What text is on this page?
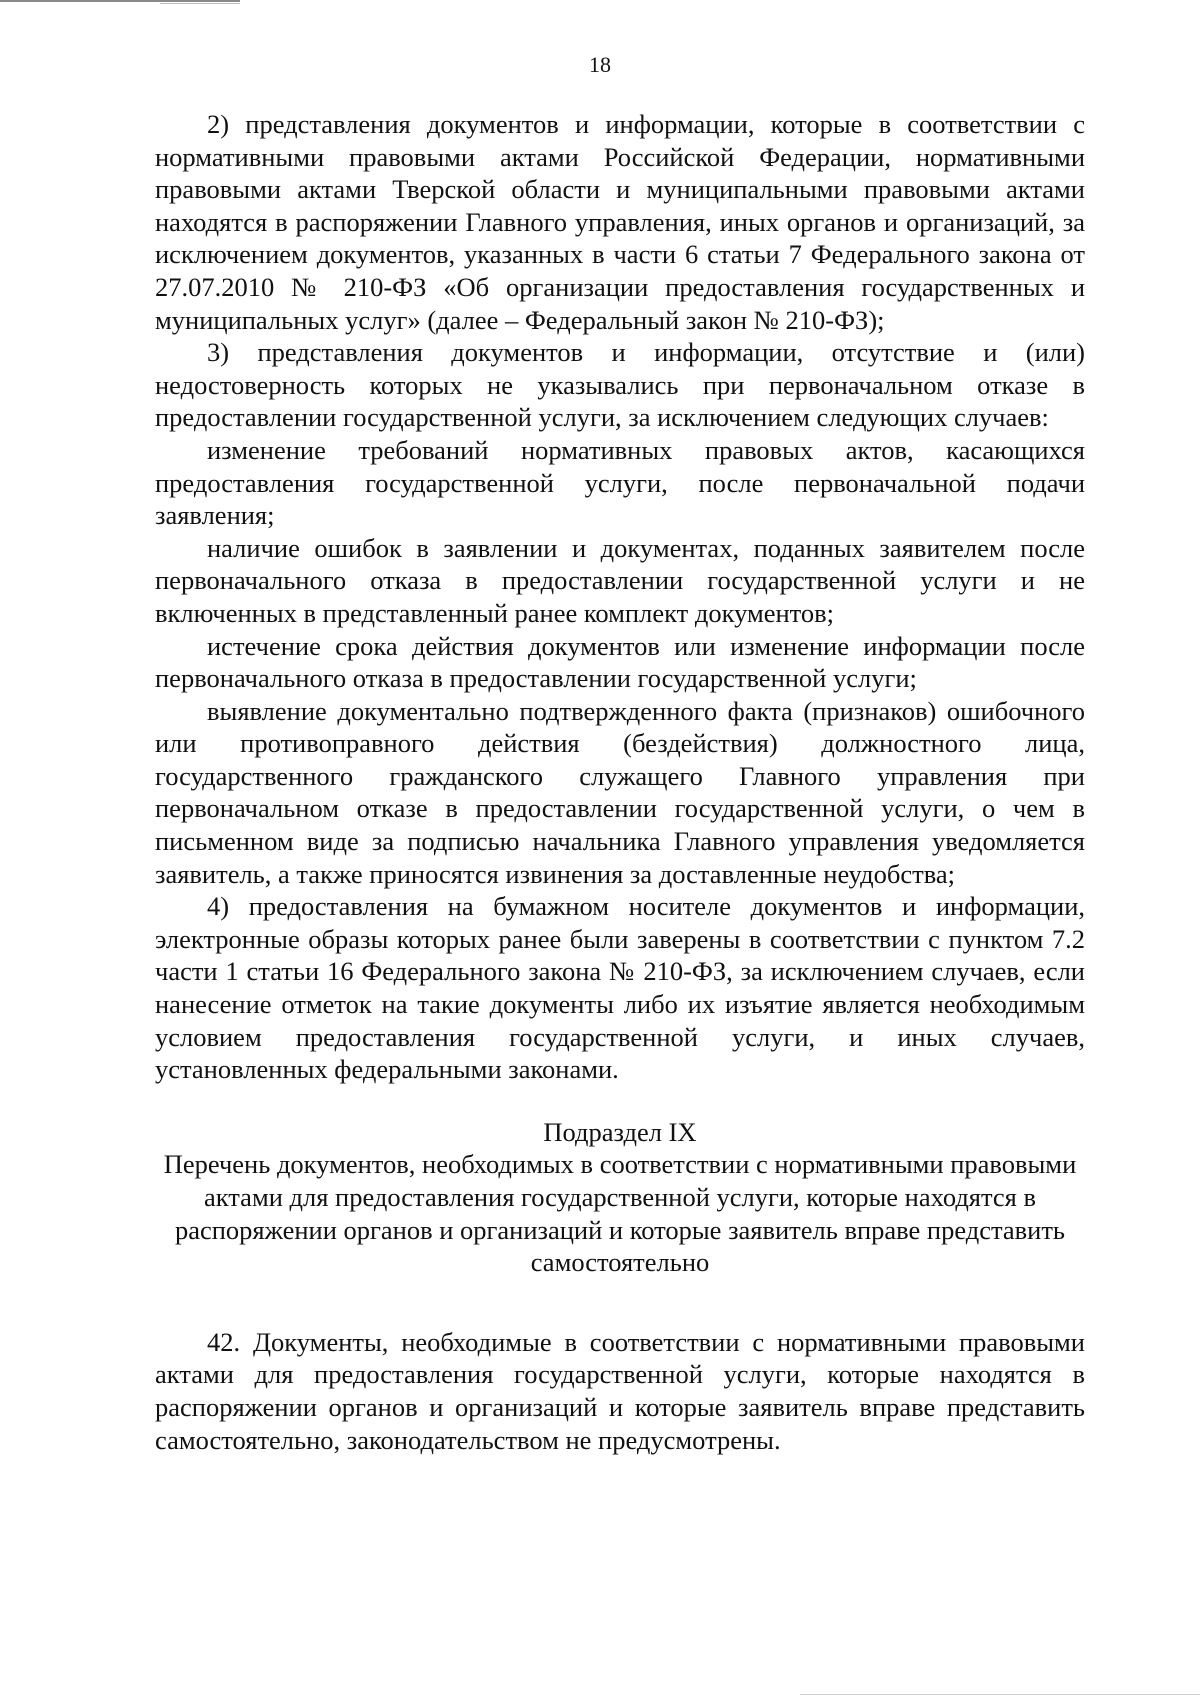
18

2) представления документов и информации, которые в соответствии с нормативными правовыми актами Российской Федерации, нормативными правовыми актами Тверской области и муниципальными правовыми актами находятся в распоряжении Главного управления, иных органов и организаций, за исключением документов, указанных в части 6 статьи 7 Федерального закона от 27.07.2010 № 210-ФЗ «Об организации предоставления государственных и муниципальных услуг» (далее – Федеральный закон № 210-ФЗ);

3) представления документов и информации, отсутствие и (или) недостоверность которых не указывались при первоначальном отказе в предоставлении государственной услуги, за исключением следующих случаев:

изменение требований нормативных правовых актов, касающихся предоставления государственной услуги, после первоначальной подачи заявления;

наличие ошибок в заявлении и документах, поданных заявителем после первоначального отказа в предоставлении государственной услуги и не включенных в представленный ранее комплект документов;

истечение срока действия документов или изменение информации после первоначального отказа в предоставлении государственной услуги;

выявление документально подтвержденного факта (признаков) ошибочного или противоправного действия (бездействия) должностного лица, государственного гражданского служащего Главного управления при первоначальном отказе в предоставлении государственной услуги, о чем в письменном виде за подписью начальника Главного управления уведомляется заявитель, а также приносятся извинения за доставленные неудобства;

4) предоставления на бумажном носителе документов и информации, электронные образы которых ранее были заверены в соответствии с пунктом 7.2 части 1 статьи 16 Федерального закона № 210-ФЗ, за исключением случаев, если нанесение отметок на такие документы либо их изъятие является необходимым условием предоставления государственной услуги, и иных случаев, установленных федеральными законами.

Подраздел IX

Перечень документов, необходимых в соответствии с нормативными правовыми актами для предоставления государственной услуги, которые находятся в распоряжении органов и организаций и которые заявитель вправе представить самостоятельно

42. Документы, необходимые в соответствии с нормативными правовыми актами для предоставления государственной услуги, которые находятся в распоряжении органов и организаций и которые заявитель вправе представить самостоятельно, законодательством не предусмотрены.
